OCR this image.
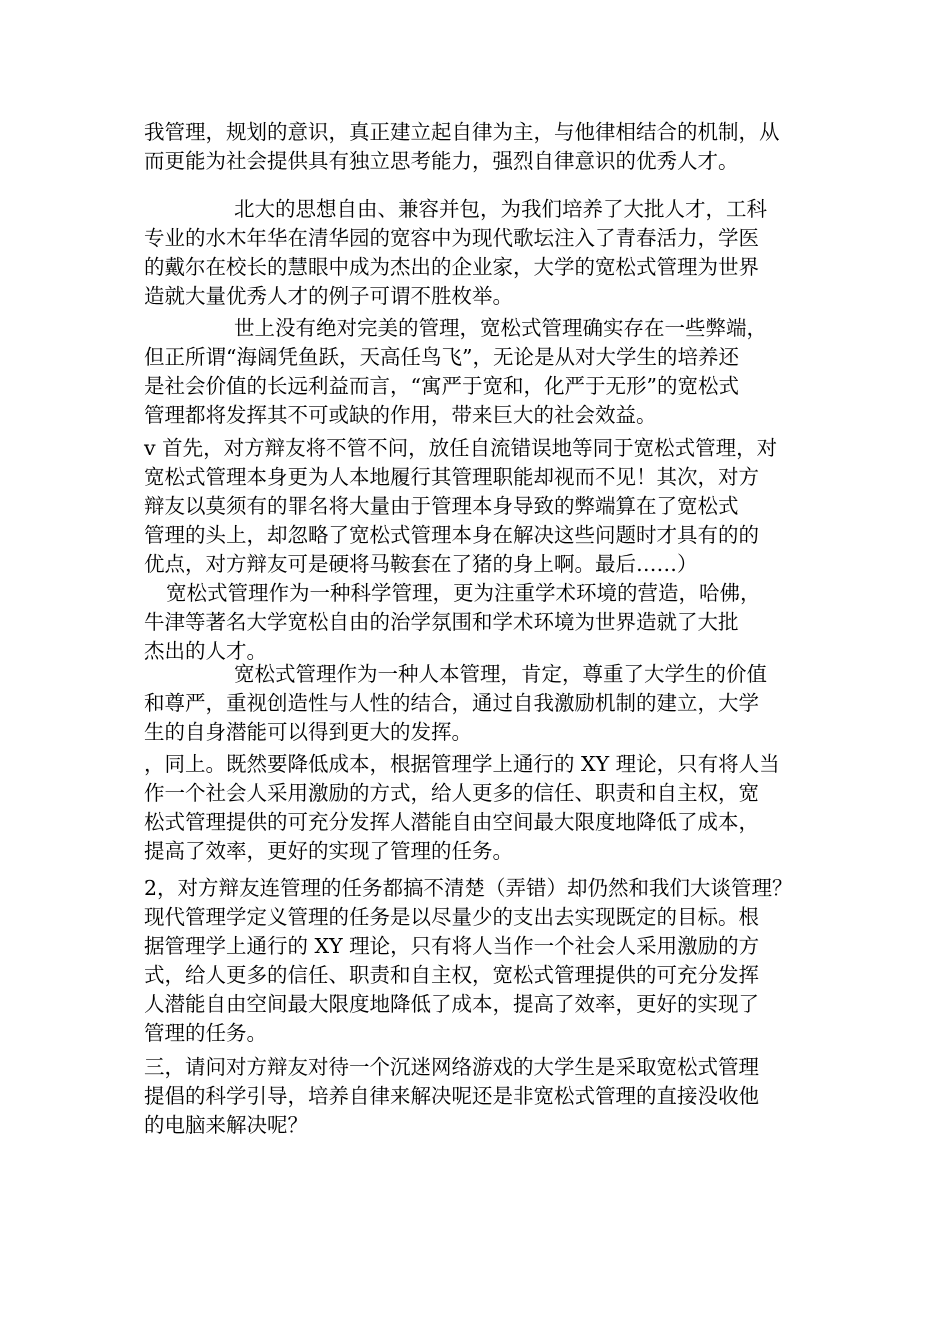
我管理，规划的意识，真正建立起自律为主，与他律相结合的机制，从
而更能为社会提供具有独立思考能力，强烈自律意识的优秀人才。
北大的思想自由、兼容并包，为我们培养了大批人才，工科
专业的水木年华在清华园的宽容中为现代歌坛注入了青春活力，学医
的戴尔在校长的慧眼中成为杰出的企业家，大学的宽松式管理为世界
造就大量优秀人才的例子可谓不胜枚举。
世上没有绝对完美的管理，宽松式管理确实存在一些弊端，
但正所谓“海阔凭鱼跃，天高任鸟飞”，无论是从对大学生的培养还
是社会价值的长远利益而言，“寓严于宽和，化严于无形”的宽松式
管理都将发挥其不可或缺的作用，带来巨大的社会效益。
v 首先，对方辩友将不管不问，放任自流错误地等同于宽松式管理，对
宽松式管理本身更为人本地履行其管理职能却视而不见！其次，对方
辩友以莫须有的罪名将大量由于管理本身导致的弊端算在了宽松式
管理的头上，却忽略了宽松式管理本身在解决这些问题时才具有的的
优点，对方辩友可是硬将马鞍套在了猪的身上啊。最后……）
宽松式管理作为一种科学管理，更为注重学术环境的营造，哈佛，
牛津等著名大学宽松自由的治学氛围和学术环境为世界造就了大批
杰出的人才。
宽松式管理作为一种人本管理，肯定，尊重了大学生的价值
和尊严，重视创造性与人性的结合，通过自我激励机制的建立，大学
生的自身潜能可以得到更大的发挥。
，同上。既然要降低成本，根据管理学上通行的 XY 理论，只有将人当
作一个社会人采用激励的方式，给人更多的信任、职责和自主权，宽
松式管理提供的可充分发挥人潜能自由空间最大限度地降低了成本，
提高了效率，更好的实现了管理的任务。
2，对方辩友连管理的任务都搞不清楚（弄错）却仍然和我们大谈管理？
现代管理学定义管理的任务是以尽量少的支出去实现既定的目标。根
据管理学上通行的 XY 理论，只有将人当作一个社会人采用激励的方
式，给人更多的信任、职责和自主权，宽松式管理提供的可充分发挥
人潜能自由空间最大限度地降低了成本，提高了效率，更好的实现了
管理的任务。
三，请问对方辩友对待一个沉迷网络游戏的大学生是采取宽松式管理
提倡的科学引导，培养自律来解决呢还是非宽松式管理的直接没收他
的电脑来解决呢？
